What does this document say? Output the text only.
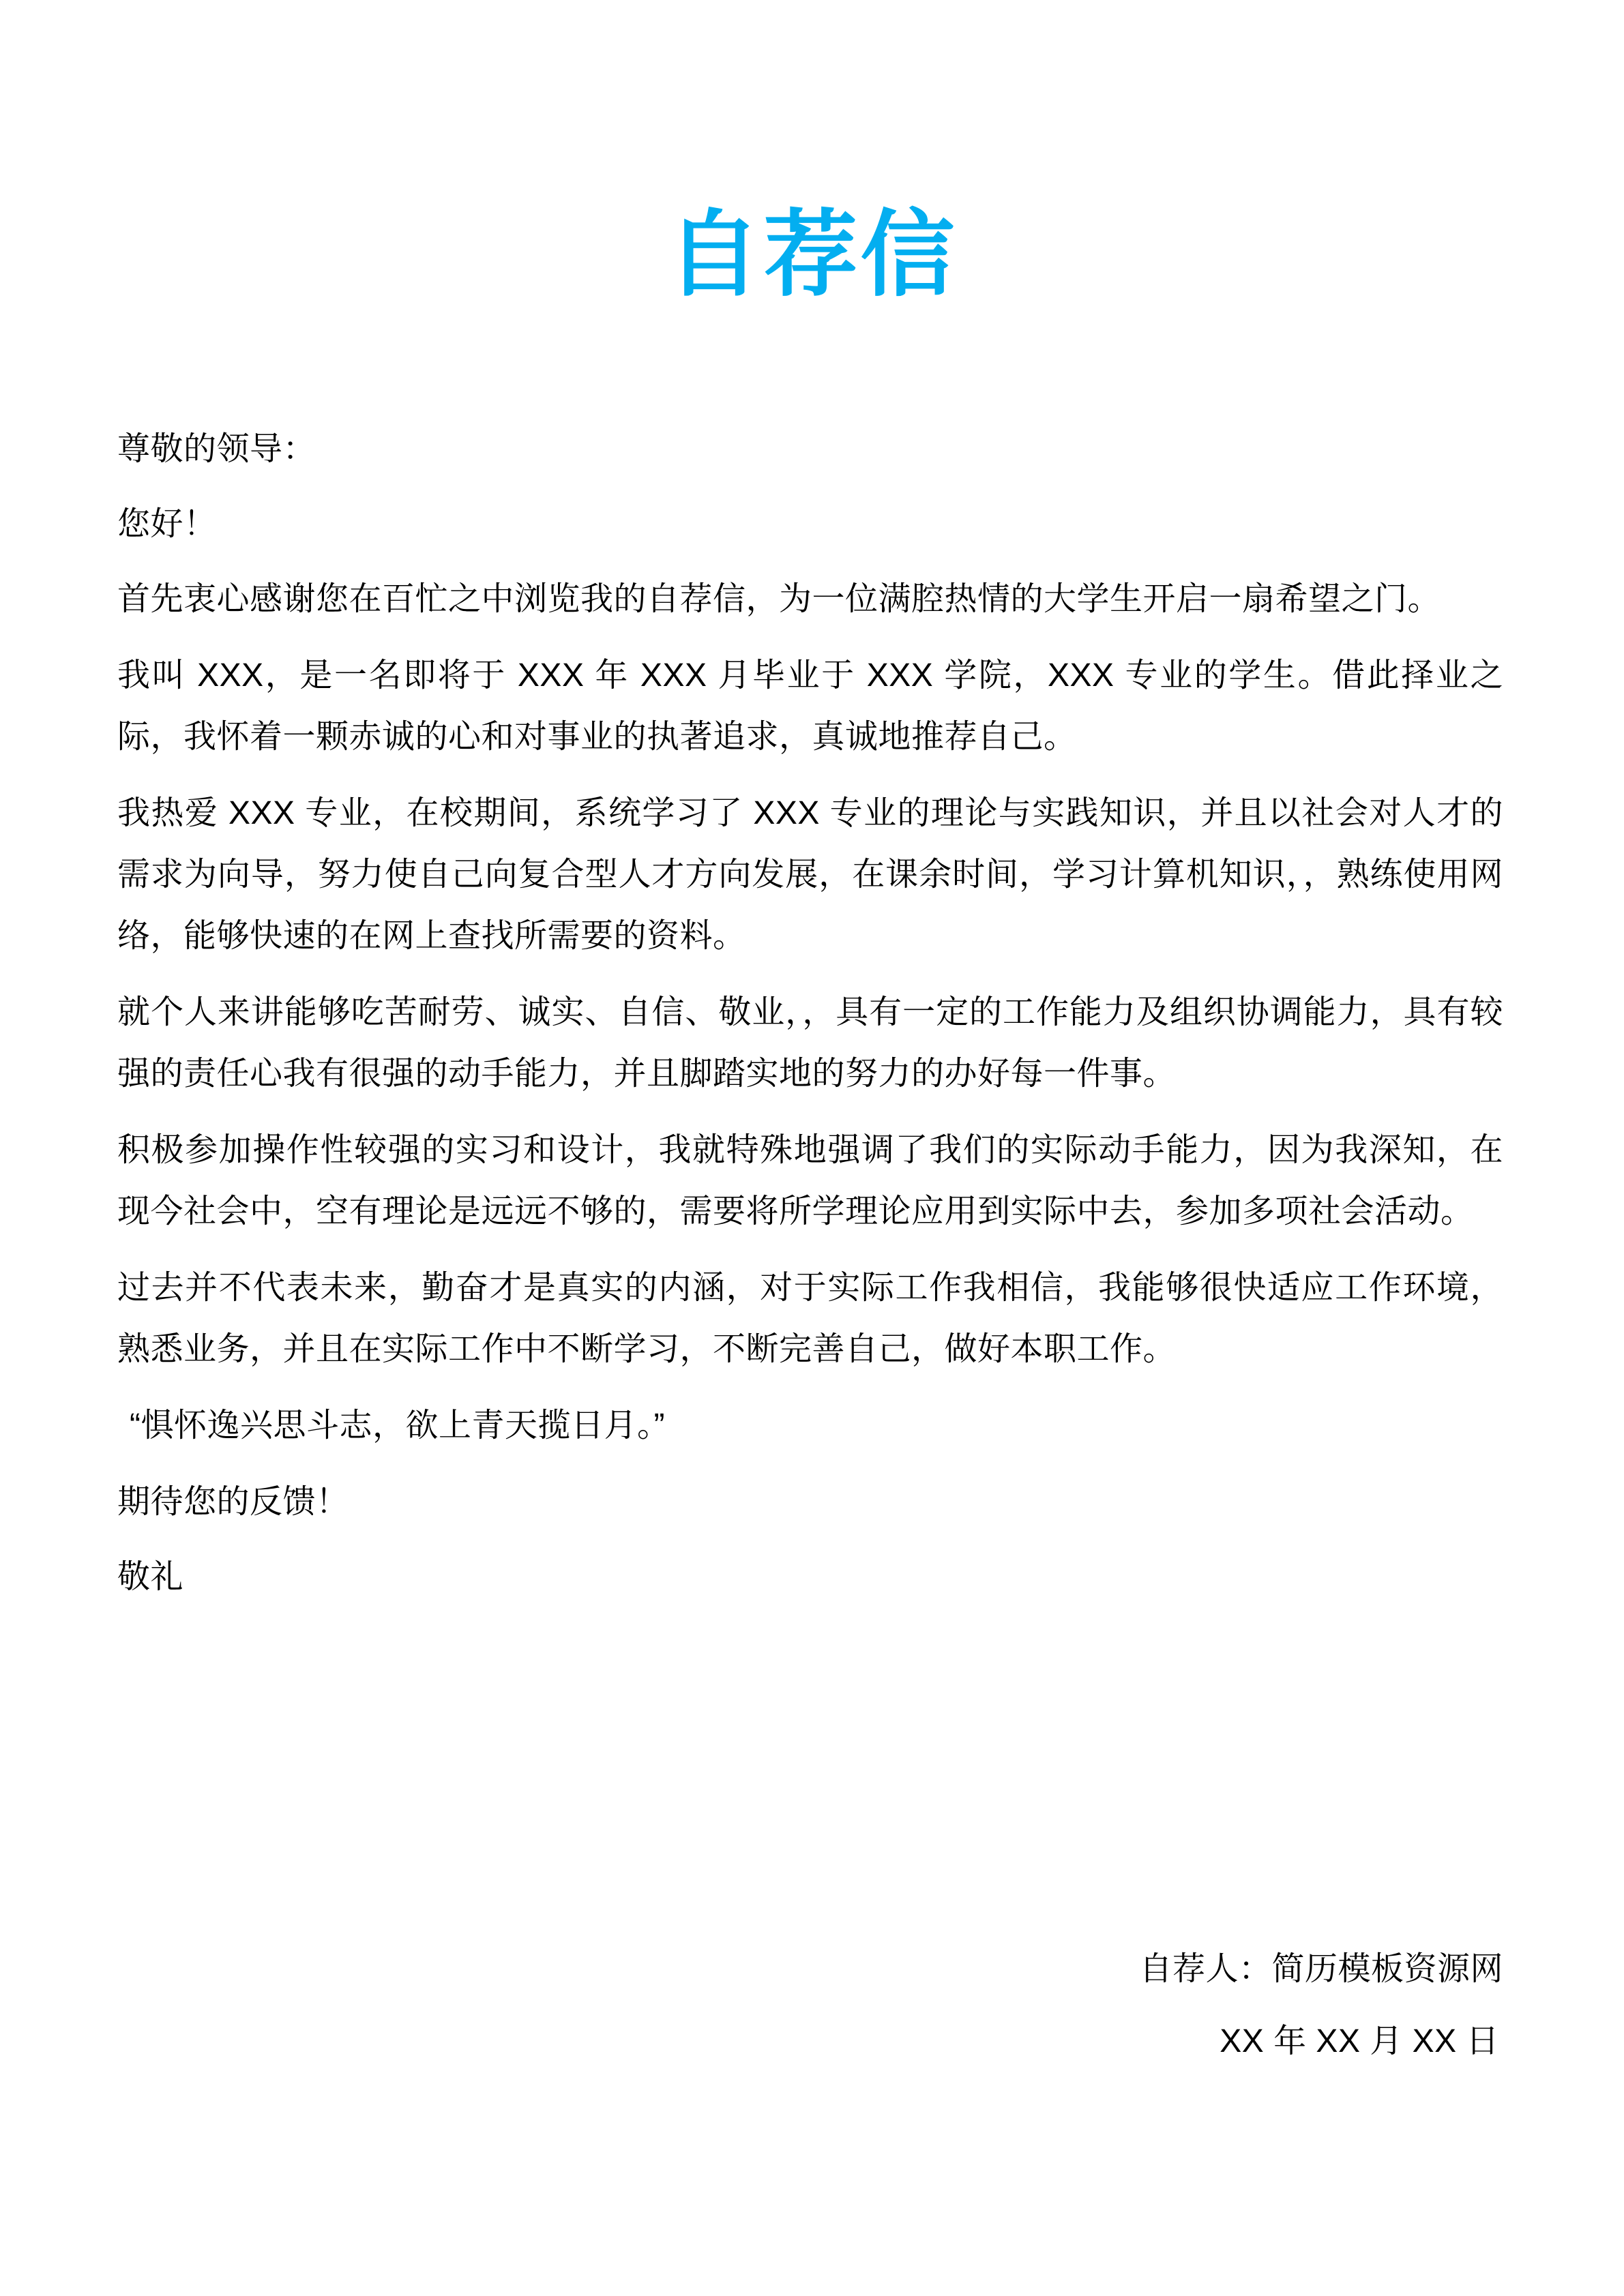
自荐信

尊敬的领导：

您好！

首先衷心感谢您在百忙之中浏览我的自荐信，为一位满腔热情的大学生开启一扇希望之门。

我叫 XXX，是一名即将于 XXX 年 XXX 月毕业于 XXX 学院，XXX 专业的学生。借此择业之际，我怀着一颗赤诚的心和对事业的执著追求，真诚地推荐自己。

我热爱 XXX 专业，在校期间，系统学习了 XXX 专业的理论与实践知识，并且以社会对人才的需求为向导，努力使自己向复合型人才方向发展，在课余时间，学习计算机知识，，熟练使用网络，能够快速的在网上查找所需要的资料。

就个人来讲能够吃苦耐劳、诚实、自信、敬业，，具有一定的工作能力及组织协调能力，具有较强的责任心我有很强的动手能力，并且脚踏实地的努力的办好每一件事。

积极参加操作性较强的实习和设计，我就特殊地强调了我们的实际动手能力，因为我深知，在现今社会中，空有理论是远远不够的，需要将所学理论应用到实际中去，参加多项社会活动。

过去并不代表未来，勤奋才是真实的内涵，对于实际工作我相信，我能够很快适应工作环境，熟悉业务，并且在实际工作中不断学习，不断完善自己，做好本职工作。

“惧怀逸兴思斗志，欲上青天揽日月。”

期待您的反馈！

敬礼

自荐人：简历模板资源网
XX 年 XX 月 XX 日
